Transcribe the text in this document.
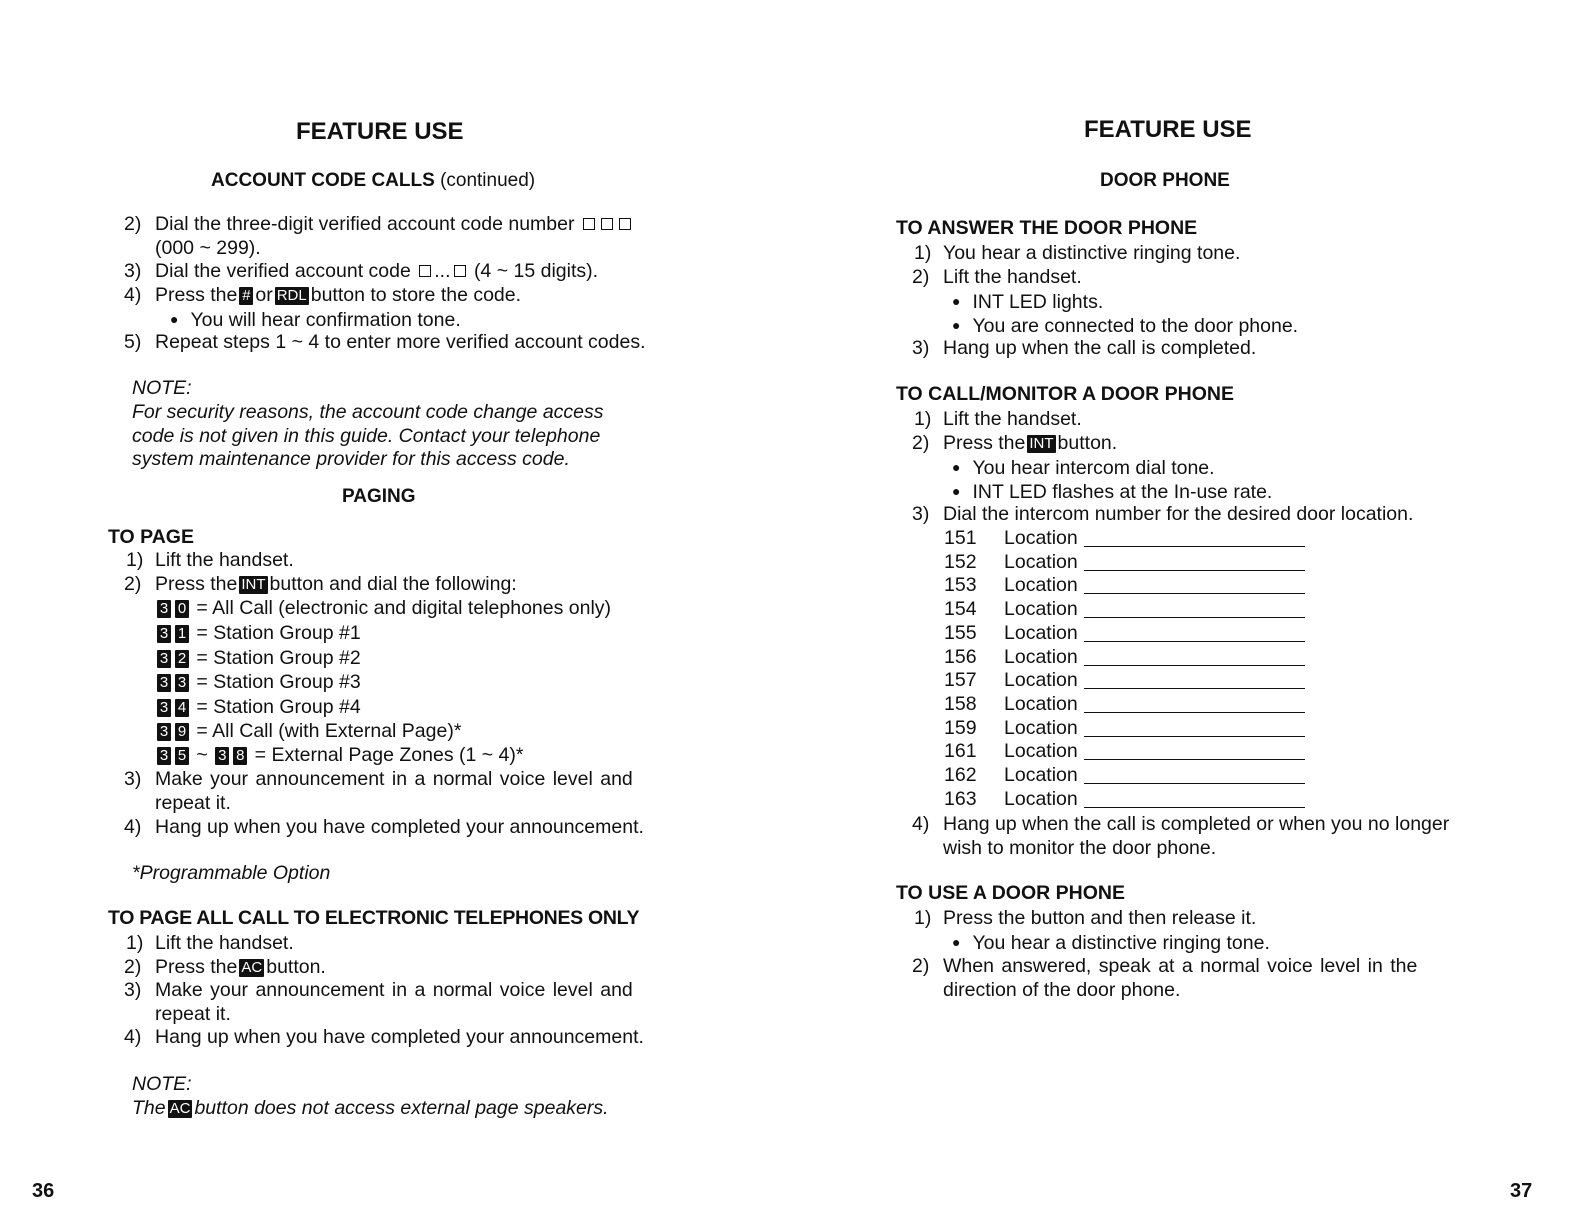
FEATURE USE
ACCOUNT CODE CALLS (continued)
2) Dial the three-digit verified account code number
(000 ~ 299).
3) Dial the verified account code ... (4 ~ 15 digits).
4) Press the # or RDL button to store the code.
● You will hear confirmation tone.
5) Repeat steps 1 ~ 4 to enter more verified account codes.
NOTE:
For security reasons, the account code change access
code is not given in this guide. Contact your telephone
system maintenance provider for this access code.
PAGING
TO PAGE
1) Lift the handset.
2) Press the INT button and dial the following:
3 0 = All Call (electronic and digital telephones only)
3 1 = Station Group #1
3 2 = Station Group #2
3 3 = Station Group #3
3 4 = Station Group #4
3 9 = All Call (with External Page)*
3 5 ~ 3 8 = External Page Zones (1 ~ 4)*
3) Make your announcement in a normal voice level and
repeat it.
4) Hang up when you have completed your announcement.
*Programmable Option
TO PAGE ALL CALL TO ELECTRONIC TELEPHONES ONLY
1) Lift the handset.
2) Press the AC button.
3) Make your announcement in a normal voice level and
repeat it.
4) Hang up when you have completed your announcement.
NOTE:
The AC button does not access external page speakers.
36
FEATURE USE
DOOR PHONE
TO ANSWER THE DOOR PHONE
1) You hear a distinctive ringing tone.
2) Lift the handset.
● INT LED lights.
● You are connected to the door phone.
3) Hang up when the call is completed.
TO CALL/MONITOR A DOOR PHONE
1) Lift the handset.
2) Press the INT button.
● You hear intercom dial tone.
● INT LED flashes at the In-use rate.
3) Dial the intercom number for the desired door location.
151	Location
152	Location
153	Location
154	Location
155	Location
156	Location
157	Location
158	Location
159	Location
161	Location
162	Location
163	Location
4) Hang up when the call is completed or when you no longer
wish to monitor the door phone.
TO USE A DOOR PHONE
1) Press the button and then release it.
● You hear a distinctive ringing tone.
2) When answered, speak at a normal voice level in the
direction of the door phone.
37
